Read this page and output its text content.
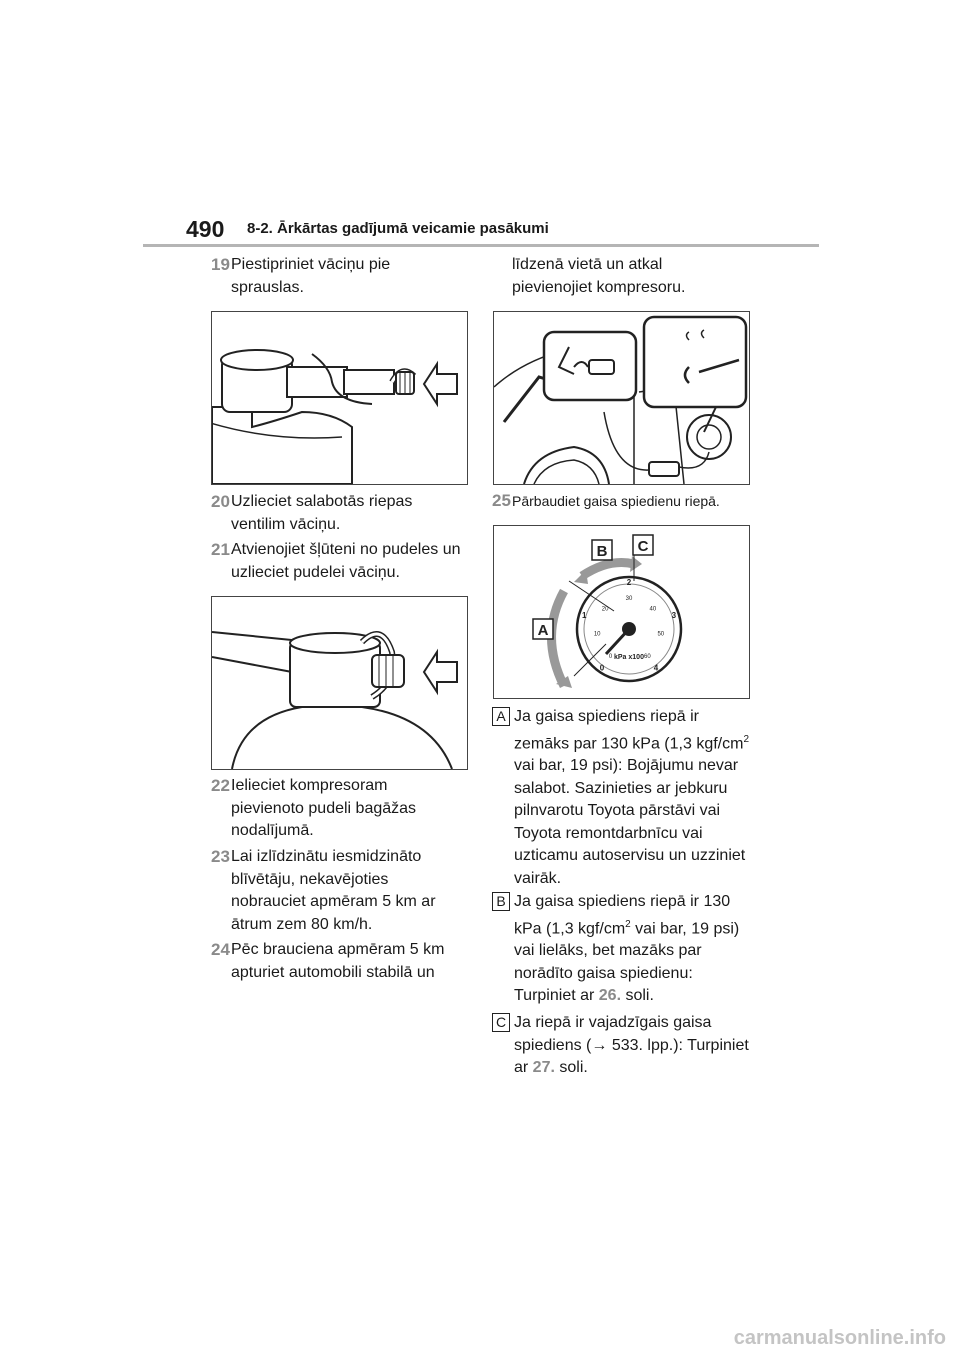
490 8-2. Ārkārtas gadījumā veicamie pasākumi
19 Piestipriniet vāciņu pie sprauslas.
20 Uzlieciet salabotās riepas ventilim vāciņu.
21 Atvienojiet šļūteni no pudeles un uzlieciet pudelei vāciņu.
22 Ielieciet kompresoram pievienoto pudeli bagāžas nodalījumā.
23 Lai izlīdzinātu iesmidzināto blīvētāju, nekavējoties nobrauciet apmēram 5 km ar ātrum zem 80 km/h.
24 Pēc brauciena apmēram 5 km apturiet automobili stabilā un
līdzenā vietā un atkal pievienojiet kompresoru.
25 Pārbaudiet gaisa spiedienu riepā.
A
B C
kPa x100
0
1
2
3
4
0
10
20
30
40
50
60
A Ja gaisa spiediens riepā ir zemāks par 130 kPa (1,3 kgf/$cm^2$ vai bar, 19 psi): Bojājumu nevar salabot. Sazinieties ar jebkuru pilnvarotu Toyota pārstāvi vai Toyota remontdarbnīcu vai uzticamu autoservisu un uzziniet vairāk.
B Ja gaisa spiediens riepā ir 130 kPa (1,3 kgf/$cm^2$ vai bar, 19 psi) vai lielāks, bet mazāks par norādīto gaisa spiedienu: Turpiniet ar 26. soli.
C Ja riepā ir vajadzīgais gaisa spiediens (→ 533. lpp.): Turpiniet ar 27. soli.
carmanualsonline.info
